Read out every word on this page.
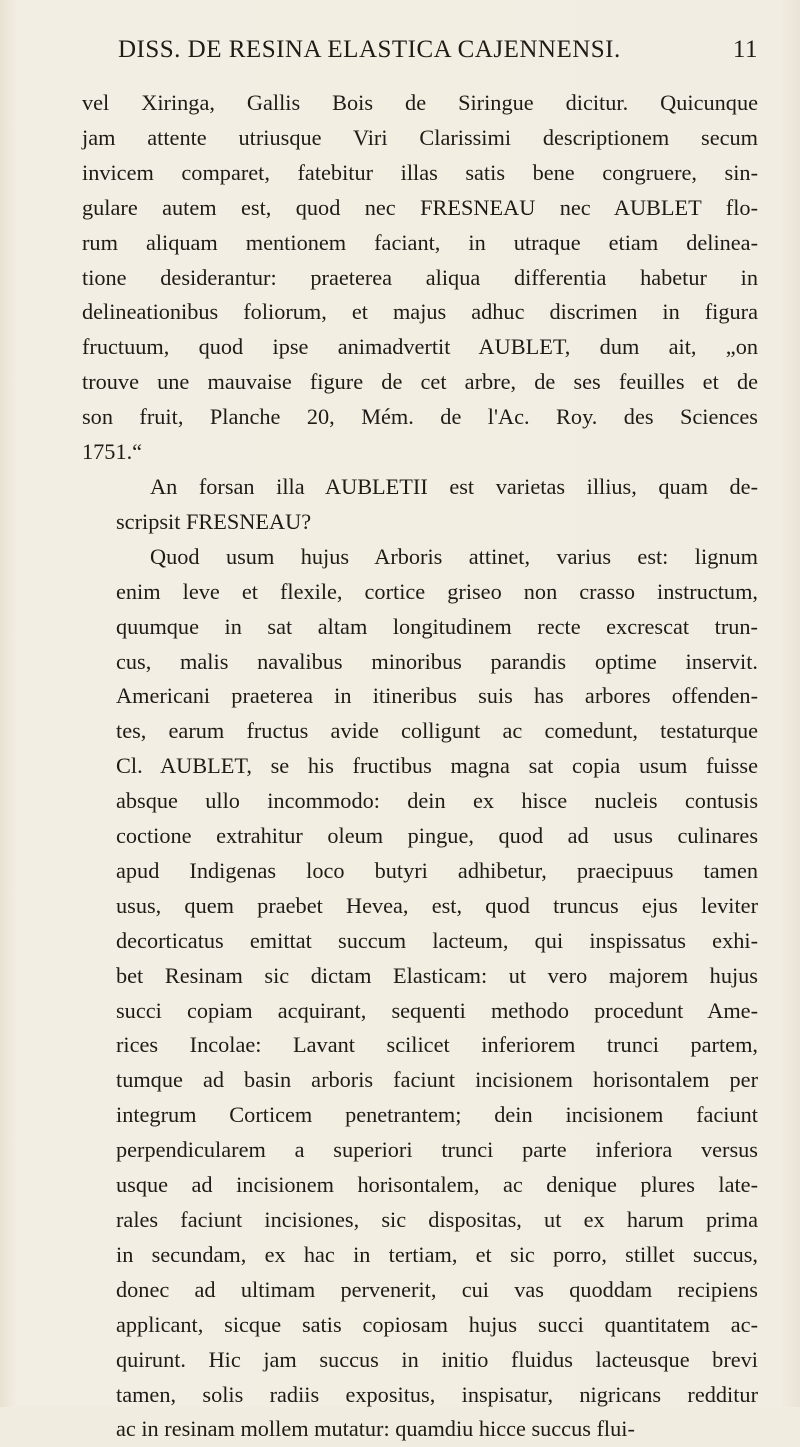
DISS. DE RESINA ELASTICA CAJENNENSI.	11
vel Xiringa, Gallis Bois de Siringue dicitur. Quicunque
jam attente utriusque Viri Clarissimi descriptionem secum
invicem comparet, fatebitur illas satis bene congruere, sin-
gulare autem est, quod nec FRESNEAU nec AUBLET flo-
rum aliquam mentionem faciant, in utraque etiam delinea-
tione desiderantur: praeterea aliqua differentia habetur in
delineationibus foliorum, et majus adhuc discrimen in figura
fructuum, quod ipse animadvertit AUBLET, dum ait, „on
trouve une mauvaise figure de cet arbre, de ses feuilles et de
son fruit, Planche 20, Mém. de l'Ac. Roy. des Sciences
1751.“
An forsan illa AUBLETII est varietas illius, quam de-
scripsit FRESNEAU?
Quod usum hujus Arboris attinet, varius est: lignum
enim leve et flexile, cortice griseo non crasso instructum,
quumque in sat altam longitudinem recte excrescat trun-
cus, malis navalibus minoribus parandis optime inservit.
Americani praeterea in itineribus suis has arbores offenden-
tes, earum fructus avide colligunt ac comedunt, testaturque
Cl. AUBLET, se his fructibus magna sat copia usum fuisse
absque ullo incommodo: dein ex hisce nucleis contusis
coctione extrahitur oleum pingue, quod ad usus culinares
apud Indigenas loco butyri adhibetur, praecipuus tamen
usus, quem praebet Hevea, est, quod truncus ejus leviter
decorticatus emittat succum lacteum, qui inspissatus exhi-
bet Resinam sic dictam Elasticam: ut vero majorem hujus
succi copiam acquirant, sequenti methodo procedunt Ame-
rices Incolae: Lavant scilicet inferiorem trunci partem,
tumque ad basin arboris faciunt incisionem horisontalem per
integrum Corticem penetrantem; dein incisionem faciunt
perpendicularem a superiori trunci parte inferiora versus
usque ad incisionem horisontalem, ac denique plures late-
rales faciunt incisiones, sic dispositas, ut ex harum prima
in secundam, ex hac in tertiam, et sic porro, stillet succus,
donec ad ultimam pervenerit, cui vas quoddam recipiens
applicant, sicque satis copiosam hujus succi quantitatem ac-
quirunt. Hic jam succus in initio fluidus lacteusque brevi
tamen, solis radiis expositus, inspisatur, nigricans redditur
ac in resinam mollem mutatur: quamdiu hicce succus flui-
